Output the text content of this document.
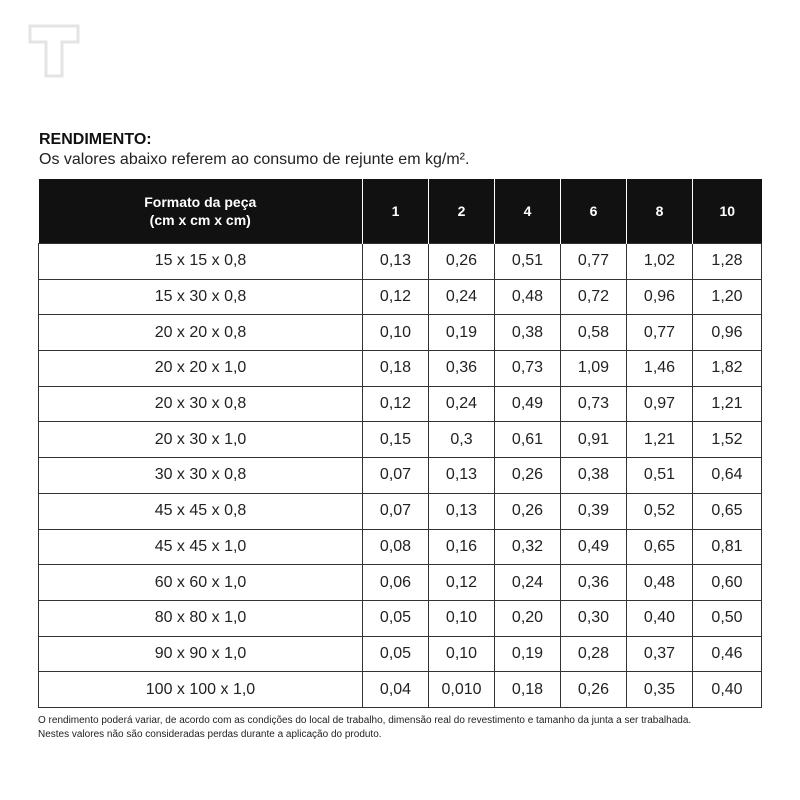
RENDIMENTO:
Os valores abaixo referem ao consumo de rejunte em kg/m².
Formato da peça
(cm x cm x cm)	1	2	4	6	8	10
15 x 15 x 0,8	0,13	0,26	0,51	0,77	1,02	1,28
15 x 30 x 0,8	0,12	0,24	0,48	0,72	0,96	1,20
20 x 20 x 0,8	0,10	0,19	0,38	0,58	0,77	0,96
20 x 20 x 1,0	0,18	0,36	0,73	1,09	1,46	1,82
20 x 30 x 0,8	0,12	0,24	0,49	0,73	0,97	1,21
20 x 30 x 1,0	0,15	0,3	0,61	0,91	1,21	1,52
30 x 30 x 0,8	0,07	0,13	0,26	0,38	0,51	0,64
45 x 45 x 0,8	0,07	0,13	0,26	0,39	0,52	0,65
45 x 45 x 1,0	0,08	0,16	0,32	0,49	0,65	0,81
60 x 60 x 1,0	0,06	0,12	0,24	0,36	0,48	0,60
80 x 80 x 1,0	0,05	0,10	0,20	0,30	0,40	0,50
90 x 90 x 1,0	0,05	0,10	0,19	0,28	0,37	0,46
100 x 100 x 1,0	0,04	0,010	0,18	0,26	0,35	0,40
O rendimento poderá variar, de acordo com as condições do local de trabalho, dimensão real do revestimento e tamanho da junta a ser trabalhada.
Nestes valores não são consideradas perdas durante a aplicação do produto.
